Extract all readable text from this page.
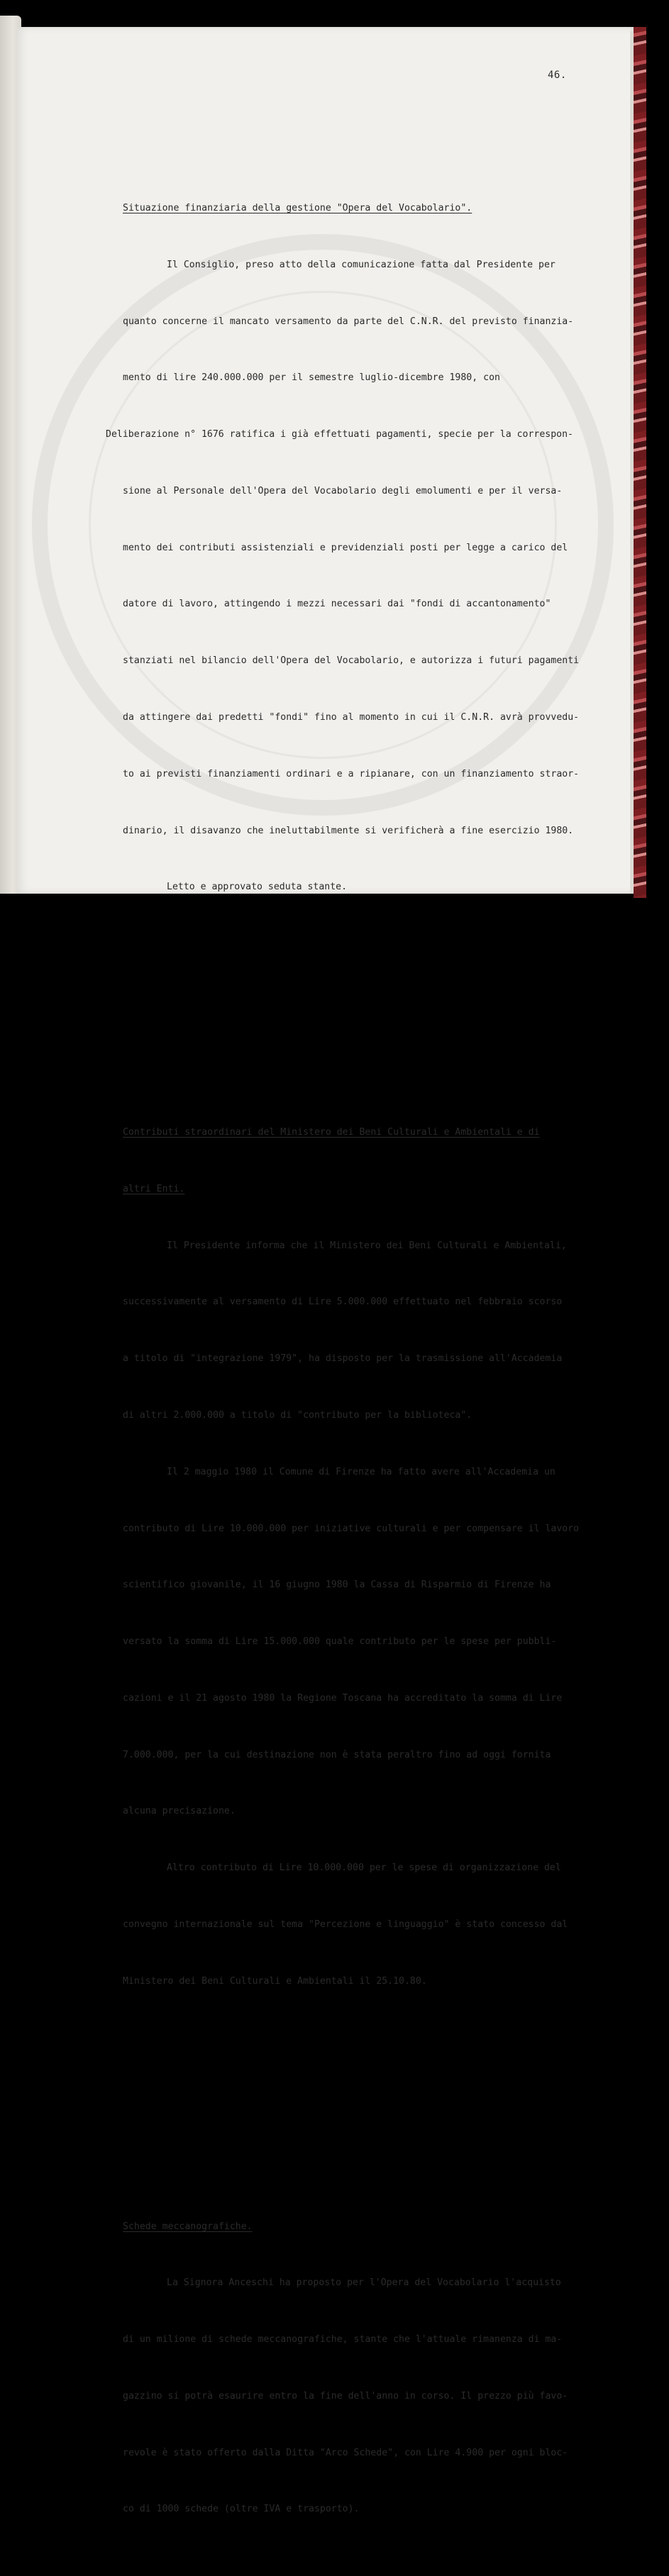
46.

Situazione finanziaria della gestione "Opera del Vocabolario".

Il Consiglio, preso atto della comunicazione fatta dal Presidente per

quanto concerne il mancato versamento da parte del C.N.R. del previsto finanzia-

mento di lire 240.000.000 per il semestre luglio-dicembre 1980, con

Deliberazione n° 1676 ratifica i già effettuati pagamenti, specie per la correspon-

sione al Personale dell'Opera del Vocabolario degli emolumenti e per il versa-

mento dei contributi assistenziali e previdenziali posti per legge a carico del

datore di lavoro, attingendo i mezzi necessari dai "fondi di accantonamento"

stanziati nel bilancio dell'Opera del Vocabolario, e autorizza i futuri pagamenti

da attingere dai predetti "fondi" fino al momento in cui il C.N.R. avrà provvedu-

to ai previsti finanziamenti ordinari e a ripianare, con un finanziamento straor-

dinario, il disavanzo che ineluttabilmente si verificherà a fine esercizio 1980.

Letto e approvato seduta stante.

Contributi straordinari del Ministero dei Beni Culturali e Ambientali e di

altri Enti.

Il Presidente informa che il Ministero dei Beni Culturali e Ambientali,

successivamente al versamento di Lire 5.000.000 effettuato nel febbraio scorso

a titolo di "integrazione 1979", ha disposto per la trasmissione all'Accademia

di altri 2.000.000 a titolo di "contributo per la biblioteca".

Il 2 maggio 1980 il Comune di Firenze ha fatto avere all'Accademia un

contributo di Lire 10.000.000 per iniziative culturali e per compensare il lavoro

scientifico giovanile, il 16 giugno 1980 la Cassa di Risparmio di Firenze ha

versato la somma di Lire 15.000.000 quale contributo per le spese per pubbli-

cazioni e il 21 agosto 1980 la Regione Toscana ha accreditato la somma di Lire

7.000.000, per la cui destinazione non è stata peraltro fino ad oggi fornita

alcuna precisazione.

Altro contributo di Lire 10.000.000 per le spese di organizzazione del

convegno internazionale sul tema "Percezione e linguaggio" è stato concesso dal

Ministero dei Beni Culturali e Ambientali il 25.10.80.

Schede meccanografiche.

La Signora Anceschi ha proposto per l'Opera del Vocabolario l'acquisto

di un milione di schede meccanografiche, stante che l'attuale rimanenza di ma-

gazzino si potrà esaurire entro la fine dell'anno in corso. Il prezzo più favo-

revole è stato offerto dalla Ditta "Arco Schede", con Lire 4.900 per ogni bloc-

co di 1000 schede (oltre IVA e trasporto).
